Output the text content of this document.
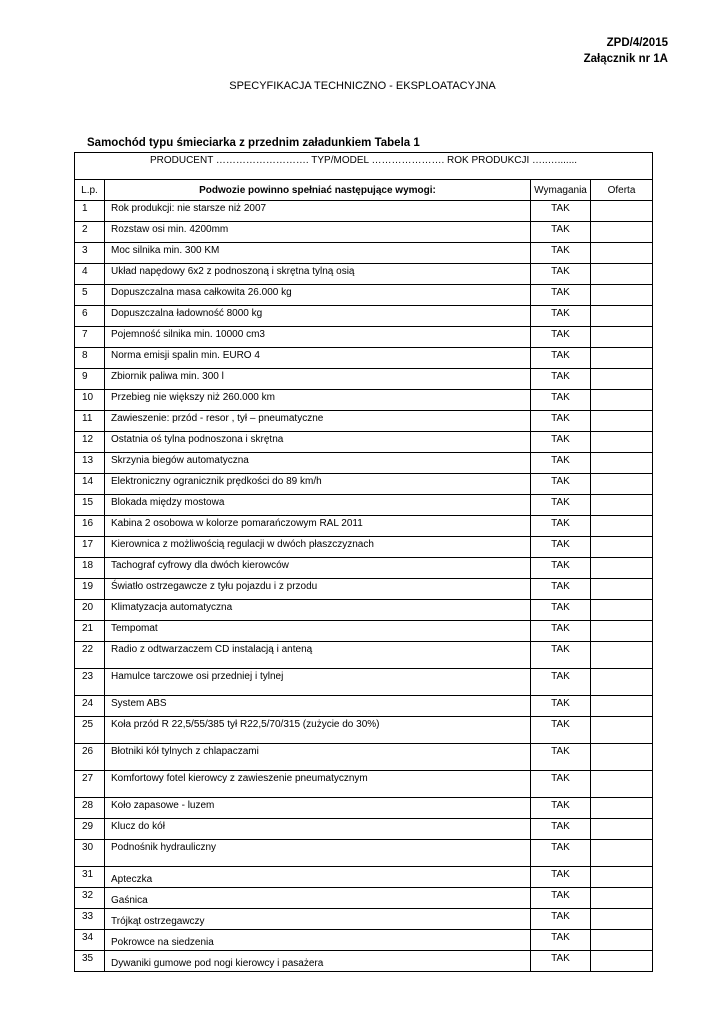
ZPD/4/2015
Załącznik nr 1A
SPECYFIKACJA TECHNICZNO - EKSPLOATACYJNA
Samochód typu śmieciarka z przednim załadunkiem Tabela 1
PRODUCENT ………………………. TYP/MODEL …………………. ROK PRODUKCJI …..….......			
L.p.	Podwozie powinno spełniać następujące wymogi:	Wymagania	Oferta
1	Rok produkcji: nie starsze niż 2007	TAK	
2	Rozstaw osi min. 4200mm	TAK	
3	Moc silnika min. 300 KM	TAK	
4	Układ napędowy 6x2 z podnoszoną i skrętna tylną osią	TAK	
5	Dopuszczalna masa całkowita 26.000 kg	TAK	
6	Dopuszczalna ładowność 8000 kg	TAK	
7	Pojemność silnika min. 10000 cm3	TAK	
8	Norma emisji spalin min. EURO 4	TAK	
9	Zbiornik paliwa min. 300 l	TAK	
10	Przebieg nie większy niż 260.000 km	TAK	
11	Zawieszenie: przód - resor , tył – pneumatyczne	TAK	
12	Ostatnia oś tylna podnoszona i skrętna	TAK	
13	Skrzynia biegów automatyczna	TAK	
14	Elektroniczny ogranicznik prędkości do 89 km/h	TAK	
15	Blokada między mostowa	TAK	
16	Kabina 2 osobowa w kolorze pomarańczowym RAL 2011	TAK	
17	Kierownica z możliwością regulacji w dwóch płaszczyznach	TAK	
18	Tachograf cyfrowy dla dwóch kierowców	TAK	
19	Światło ostrzegawcze z tyłu pojazdu i z przodu	TAK	
20	Klimatyzacja automatyczna	TAK	
21	Tempomat	TAK	
22	Radio z odtwarzaczem CD instalacją i anteną	TAK	
23	Hamulce tarczowe osi przedniej i tylnej	TAK	
24	System ABS	TAK	
25	Koła przód R 22,5/55/385 tył R22,5/70/315 (zużycie do 30%)	TAK	
26	Błotniki kół tylnych z chlapaczami	TAK	
27	Komfortowy fotel kierowcy z zawieszenie pneumatycznym	TAK	
28	Koło zapasowe - luzem	TAK	
29	Klucz do kół	TAK	
30	Podnośnik hydrauliczny	TAK	
31	Apteczka	TAK	
32	Gaśnica	TAK	
33	Trójkąt ostrzegawczy	TAK	
34	Pokrowce na siedzenia	TAK	
35	Dywaniki gumowe pod nogi kierowcy i pasażera	TAK	
